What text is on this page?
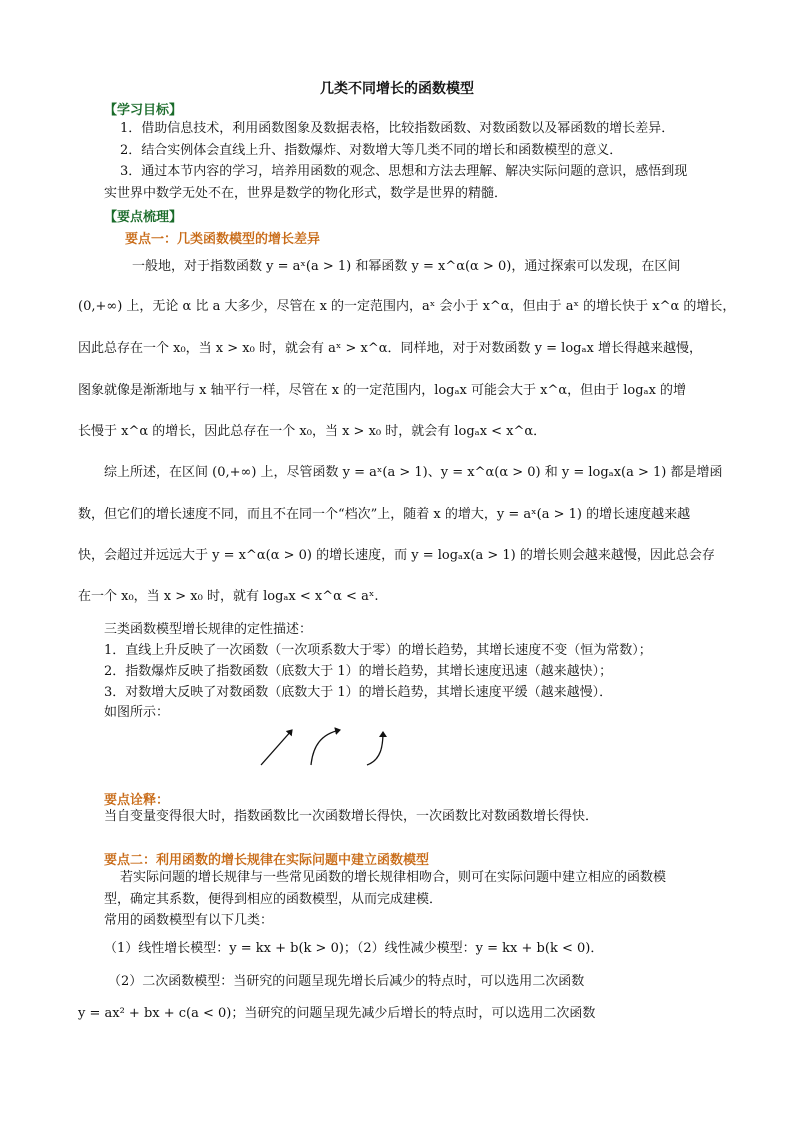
几类不同增长的函数模型
【学习目标】
1．借助信息技术，利用函数图象及数据表格，比较指数函数、对数函数以及幂函数的增长差异．
2．结合实例体会直线上升、指数爆炸、对数增大等几类不同的增长和函数模型的意义．
3．通过本节内容的学习，培养用函数的观念、思想和方法去理解、解决实际问题的意识，感悟到现
实世界中数学无处不在，世界是数学的物化形式，数学是世界的精髓．
【要点梳理】
要点一：几类函数模型的增长差异
一般地，对于指数函数 y = aˣ(a > 1) 和幂函数 y = x^α(α > 0)，通过探索可以发现，在区间
(0,+∞) 上，无论 α 比 a 大多少，尽管在 x 的一定范围内，aˣ 会小于 x^α，但由于 aˣ 的增长快于 x^α 的增长，
因此总存在一个 x₀，当 x > x₀ 时，就会有 aˣ > x^α．同样地，对于对数函数 y = logₐx 增长得越来越慢，
图象就像是渐渐地与 x 轴平行一样，尽管在 x 的一定范围内，logₐx 可能会大于 x^α，但由于 logₐx 的增
长慢于 x^α 的增长，因此总存在一个 x₀，当 x > x₀ 时，就会有 logₐx < x^α．
综上所述，在区间 (0,+∞) 上，尽管函数 y = aˣ(a > 1)、y = x^α(α > 0) 和 y = logₐx(a > 1) 都是增函
数，但它们的增长速度不同，而且不在同一个“档次”上，随着 x 的增大，y = aˣ(a > 1) 的增长速度越来越
快，会超过并远远大于 y = x^α(α > 0) 的增长速度，而 y = logₐx(a > 1) 的增长则会越来越慢，因此总会存
在一个 x₀，当 x > x₀ 时，就有 logₐx < x^α < aˣ.
三类函数模型增长规律的定性描述：
1．直线上升反映了一次函数（一次项系数大于零）的增长趋势，其增长速度不变（恒为常数）；
2．指数爆炸反映了指数函数（底数大于 1）的增长趋势，其增长速度迅速（越来越快）；
3．对数增大反映了对数函数（底数大于 1）的增长趋势，其增长速度平缓（越来越慢）．
如图所示：
要点诠释：
当自变量变得很大时，指数函数比一次函数增长得快，一次函数比对数函数增长得快．
要点二：利用函数的增长规律在实际问题中建立函数模型
若实际问题的增长规律与一些常见函数的增长规律相吻合，则可在实际问题中建立相应的函数模
型，确定其系数，便得到相应的函数模型，从而完成建模．
常用的函数模型有以下几类：
（1）线性增长模型：y = kx + b(k > 0)；（2）线性减少模型：y = kx + b(k < 0)．
（2）二次函数模型：当研究的问题呈现先增长后减少的特点时，可以选用二次函数
y = ax² + bx + c(a < 0)；当研究的问题呈现先减少后增长的特点时，可以选用二次函数
